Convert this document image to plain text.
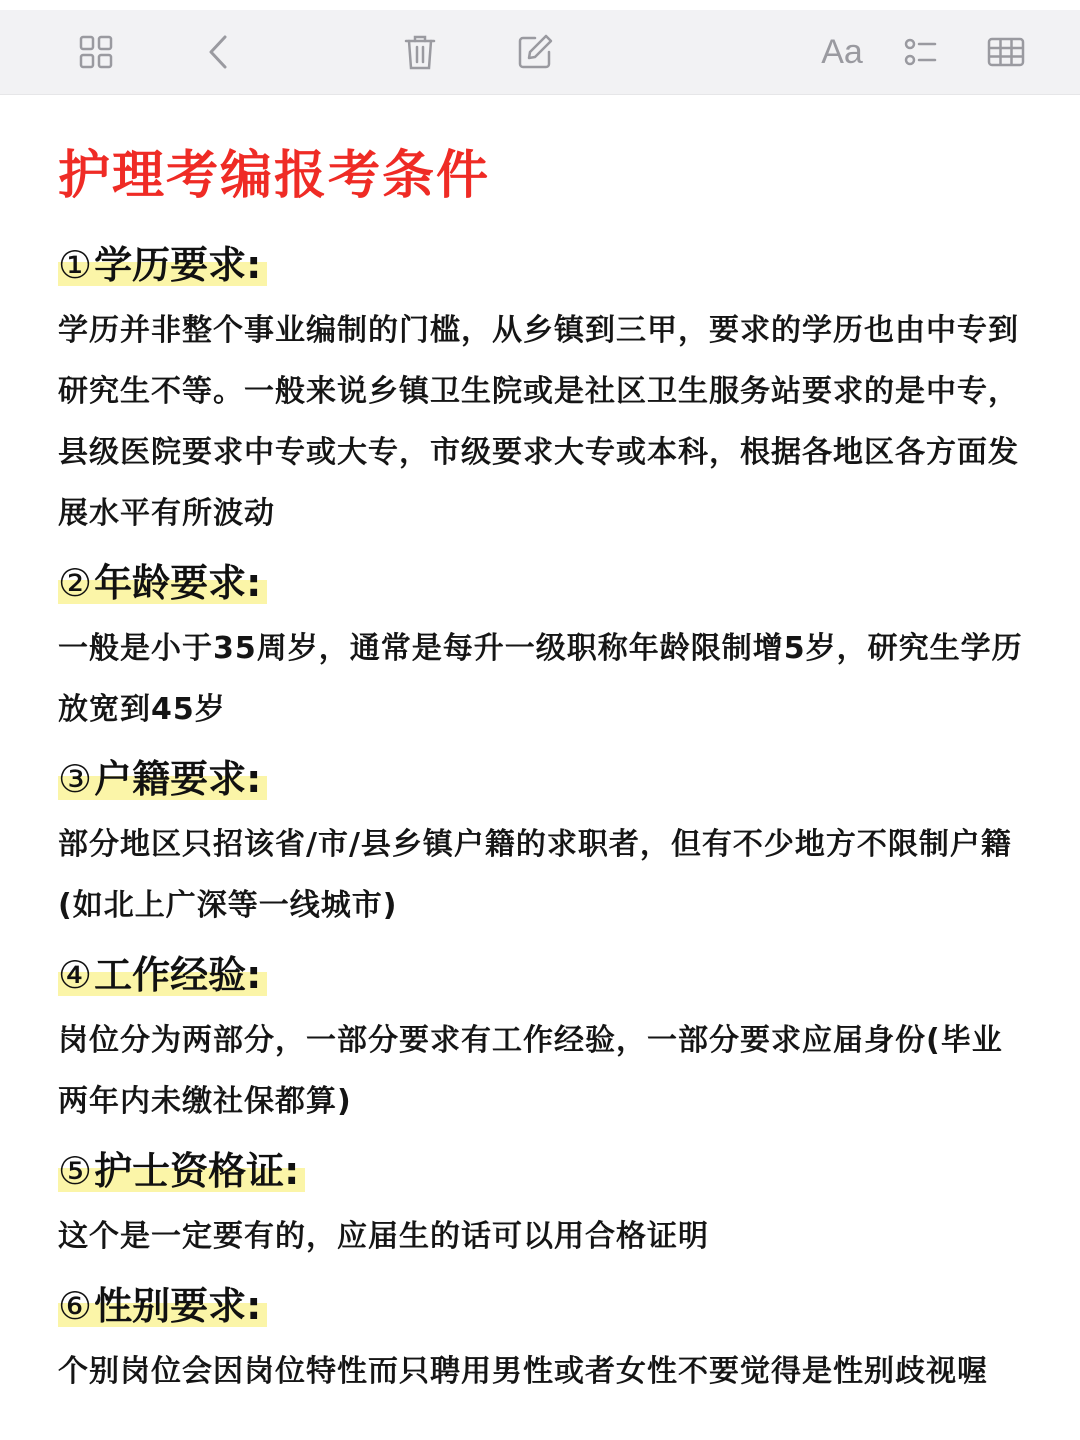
Aa
护理考编报考条件
①学历要求:
学历并非整个事业编制的门槛，从乡镇到三甲，要求的学历也由中专到研究生不等。一般来说乡镇卫生院或是社区卫生服务站要求的是中专，县级医院要求中专或大专，市级要求大专或本科，根据各地区各方面发展水平有所波动
②年龄要求:
一般是小于35周岁，通常是每升一级职称年龄限制增5岁，研究生学历放宽到45岁
③户籍要求:
部分地区只招该省/市/县乡镇户籍的求职者，但有不少地方不限制户籍(如北上广深等一线城市)
④工作经验:
岗位分为两部分，一部分要求有工作经验，一部分要求应届身份(毕业两年内未缴社保都算)
⑤护士资格证:
这个是一定要有的，应届生的话可以用合格证明
⑥性别要求:
个别岗位会因岗位特性而只聘用男性或者女性不要觉得是性别歧视喔
